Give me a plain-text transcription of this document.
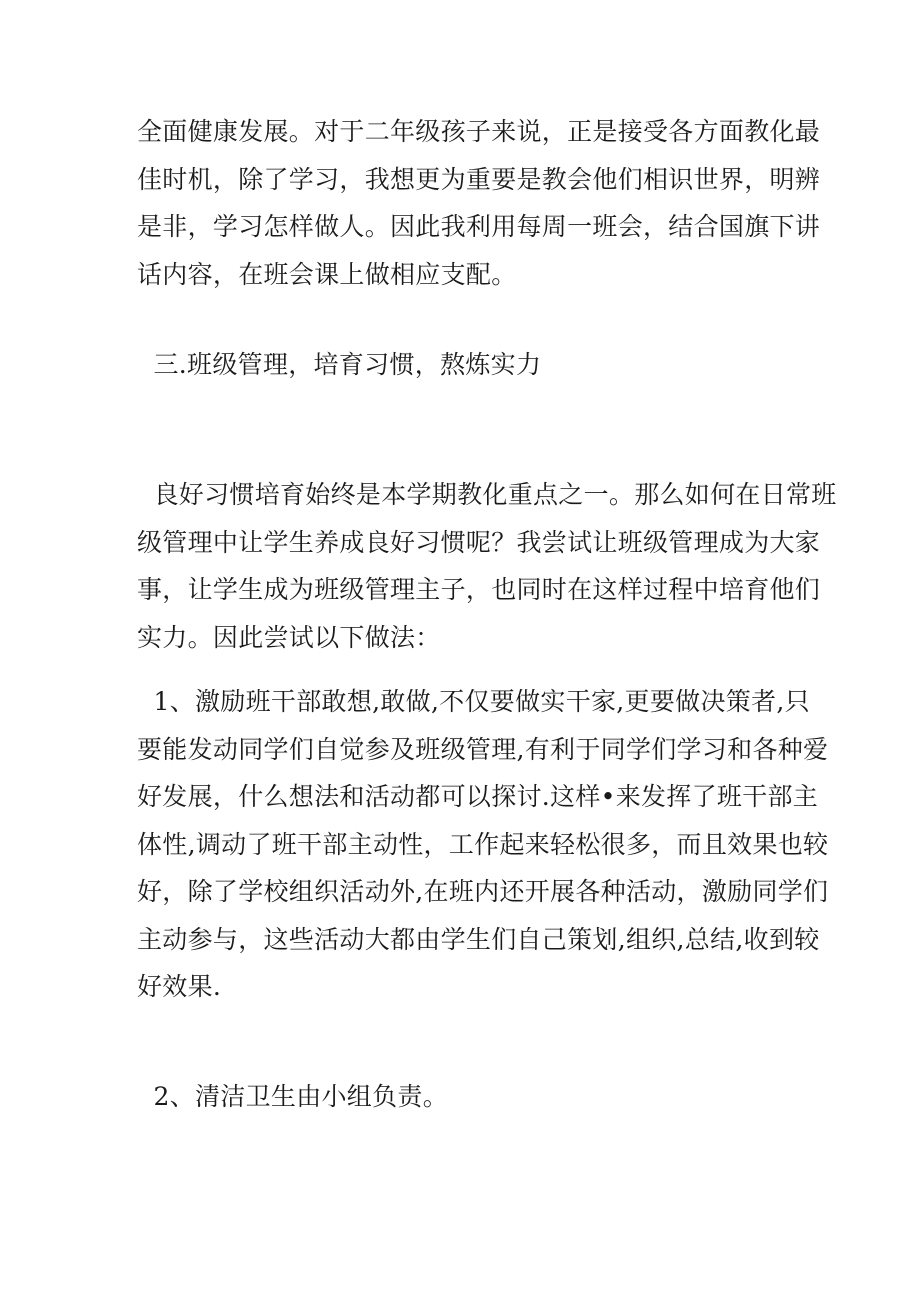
全面健康发展。对于二年级孩子来说，正是接受各方面教化最
佳时机，除了学习，我想更为重要是教会他们相识世界，明辨
是非，学习怎样做人。因此我利用每周一班会，结合国旗下讲
话内容，在班会课上做相应支配。
三.班级管理，培育习惯，熬炼实力
良好习惯培育始终是本学期教化重点之一。那么如何在日常班
级管理中让学生养成良好习惯呢？我尝试让班级管理成为大家
事，让学生成为班级管理主子，也同时在这样过程中培育他们
实力。因此尝试以下做法：
1、激励班干部敢想,敢做,不仅要做实干家,更要做决策者,只
要能发动同学们自觉参及班级管理,有利于同学们学习和各种爱
好发展，什么想法和活动都可以探讨.这样•来发挥了班干部主
体性,调动了班干部主动性，工作起来轻松很多，而且效果也较
好，除了学校组织活动外,在班内还开展各种活动，激励同学们
主动参与，这些活动大都由学生们自己策划,组织,总结,收到较
好效果.
2、清洁卫生由小组负责。
